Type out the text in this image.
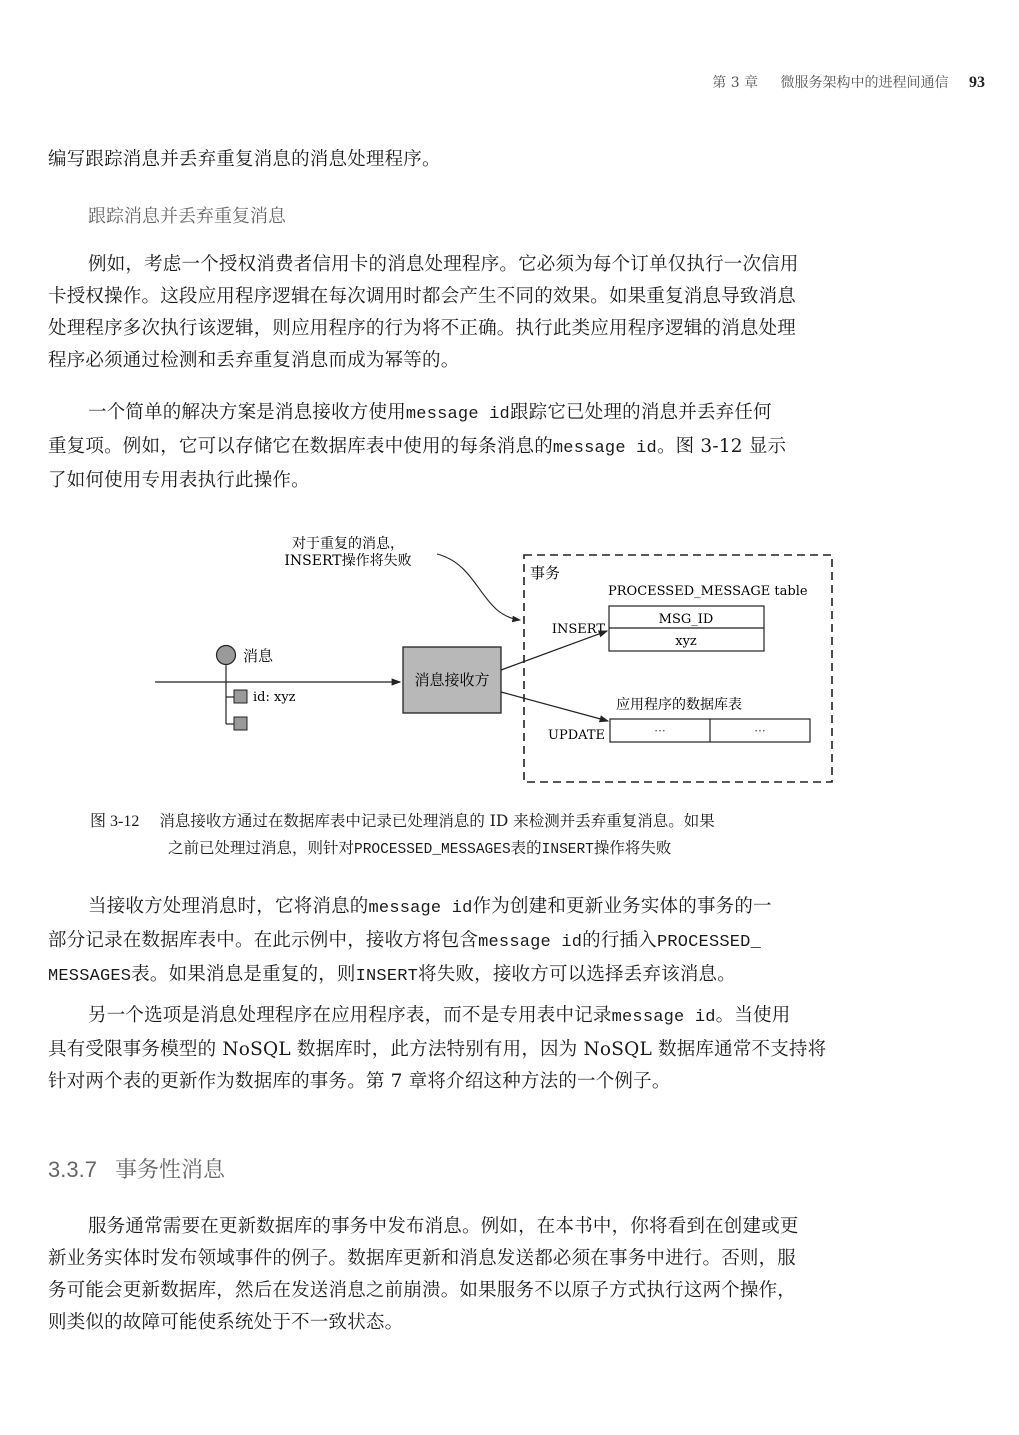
第 3 章 微服务架构中的进程间通信 93

编写跟踪消息并丢弃重复消息的消息处理程序。

跟踪消息并丢弃重复消息

例如，考虑一个授权消费者信用卡的消息处理程序。它必须为每个订单仅执行一次信用

卡授权操作。这段应用程序逻辑在每次调用时都会产生不同的效果。如果重复消息导致消息

处理程序多次执行该逻辑，则应用程序的行为将不正确。执行此类应用程序逻辑的消息处理

程序必须通过检测和丢弃重复消息而成为幂等的。

一个简单的解决方案是消息接收方使用message id跟踪它已处理的消息并丢弃任何

重复项。例如，它可以存储它在数据库表中使用的每条消息的message id。图 3-12 显示

了如何使用专用表执行此操作。

对于重复的消息，
INSERT操作将失败
事务
PROCESSED_MESSAGE table
MSG_ID
xyz
INSERT
应用程序的数据库表
···	···
UPDATE
消息
id: xyz
消息接收方
图 3-12 消息接收方通过在数据库表中记录已处理消息的 ID 来检测并丢弃重复消息。如果
之前已处理过消息，则针对PROCESSED_MESSAGES表的INSERT操作将失败

当接收方处理消息时，它将消息的message id作为创建和更新业务实体的事务的一

部分记录在数据库表中。在此示例中，接收方将包含message id的行插入PROCESSED_

MESSAGES表。如果消息是重复的，则INSERT将失败，接收方可以选择丢弃该消息。

另一个选项是消息处理程序在应用程序表，而不是专用表中记录message id。当使用

具有受限事务模型的 NoSQL 数据库时，此方法特别有用，因为 NoSQL 数据库通常不支持将

针对两个表的更新作为数据库的事务。第 7 章将介绍这种方法的一个例子。

3.3.7 事务性消息

服务通常需要在更新数据库的事务中发布消息。例如，在本书中，你将看到在创建或更

新业务实体时发布领域事件的例子。数据库更新和消息发送都必须在事务中进行。否则，服

务可能会更新数据库，然后在发送消息之前崩溃。如果服务不以原子方式执行这两个操作，

则类似的故障可能使系统处于不一致状态。
